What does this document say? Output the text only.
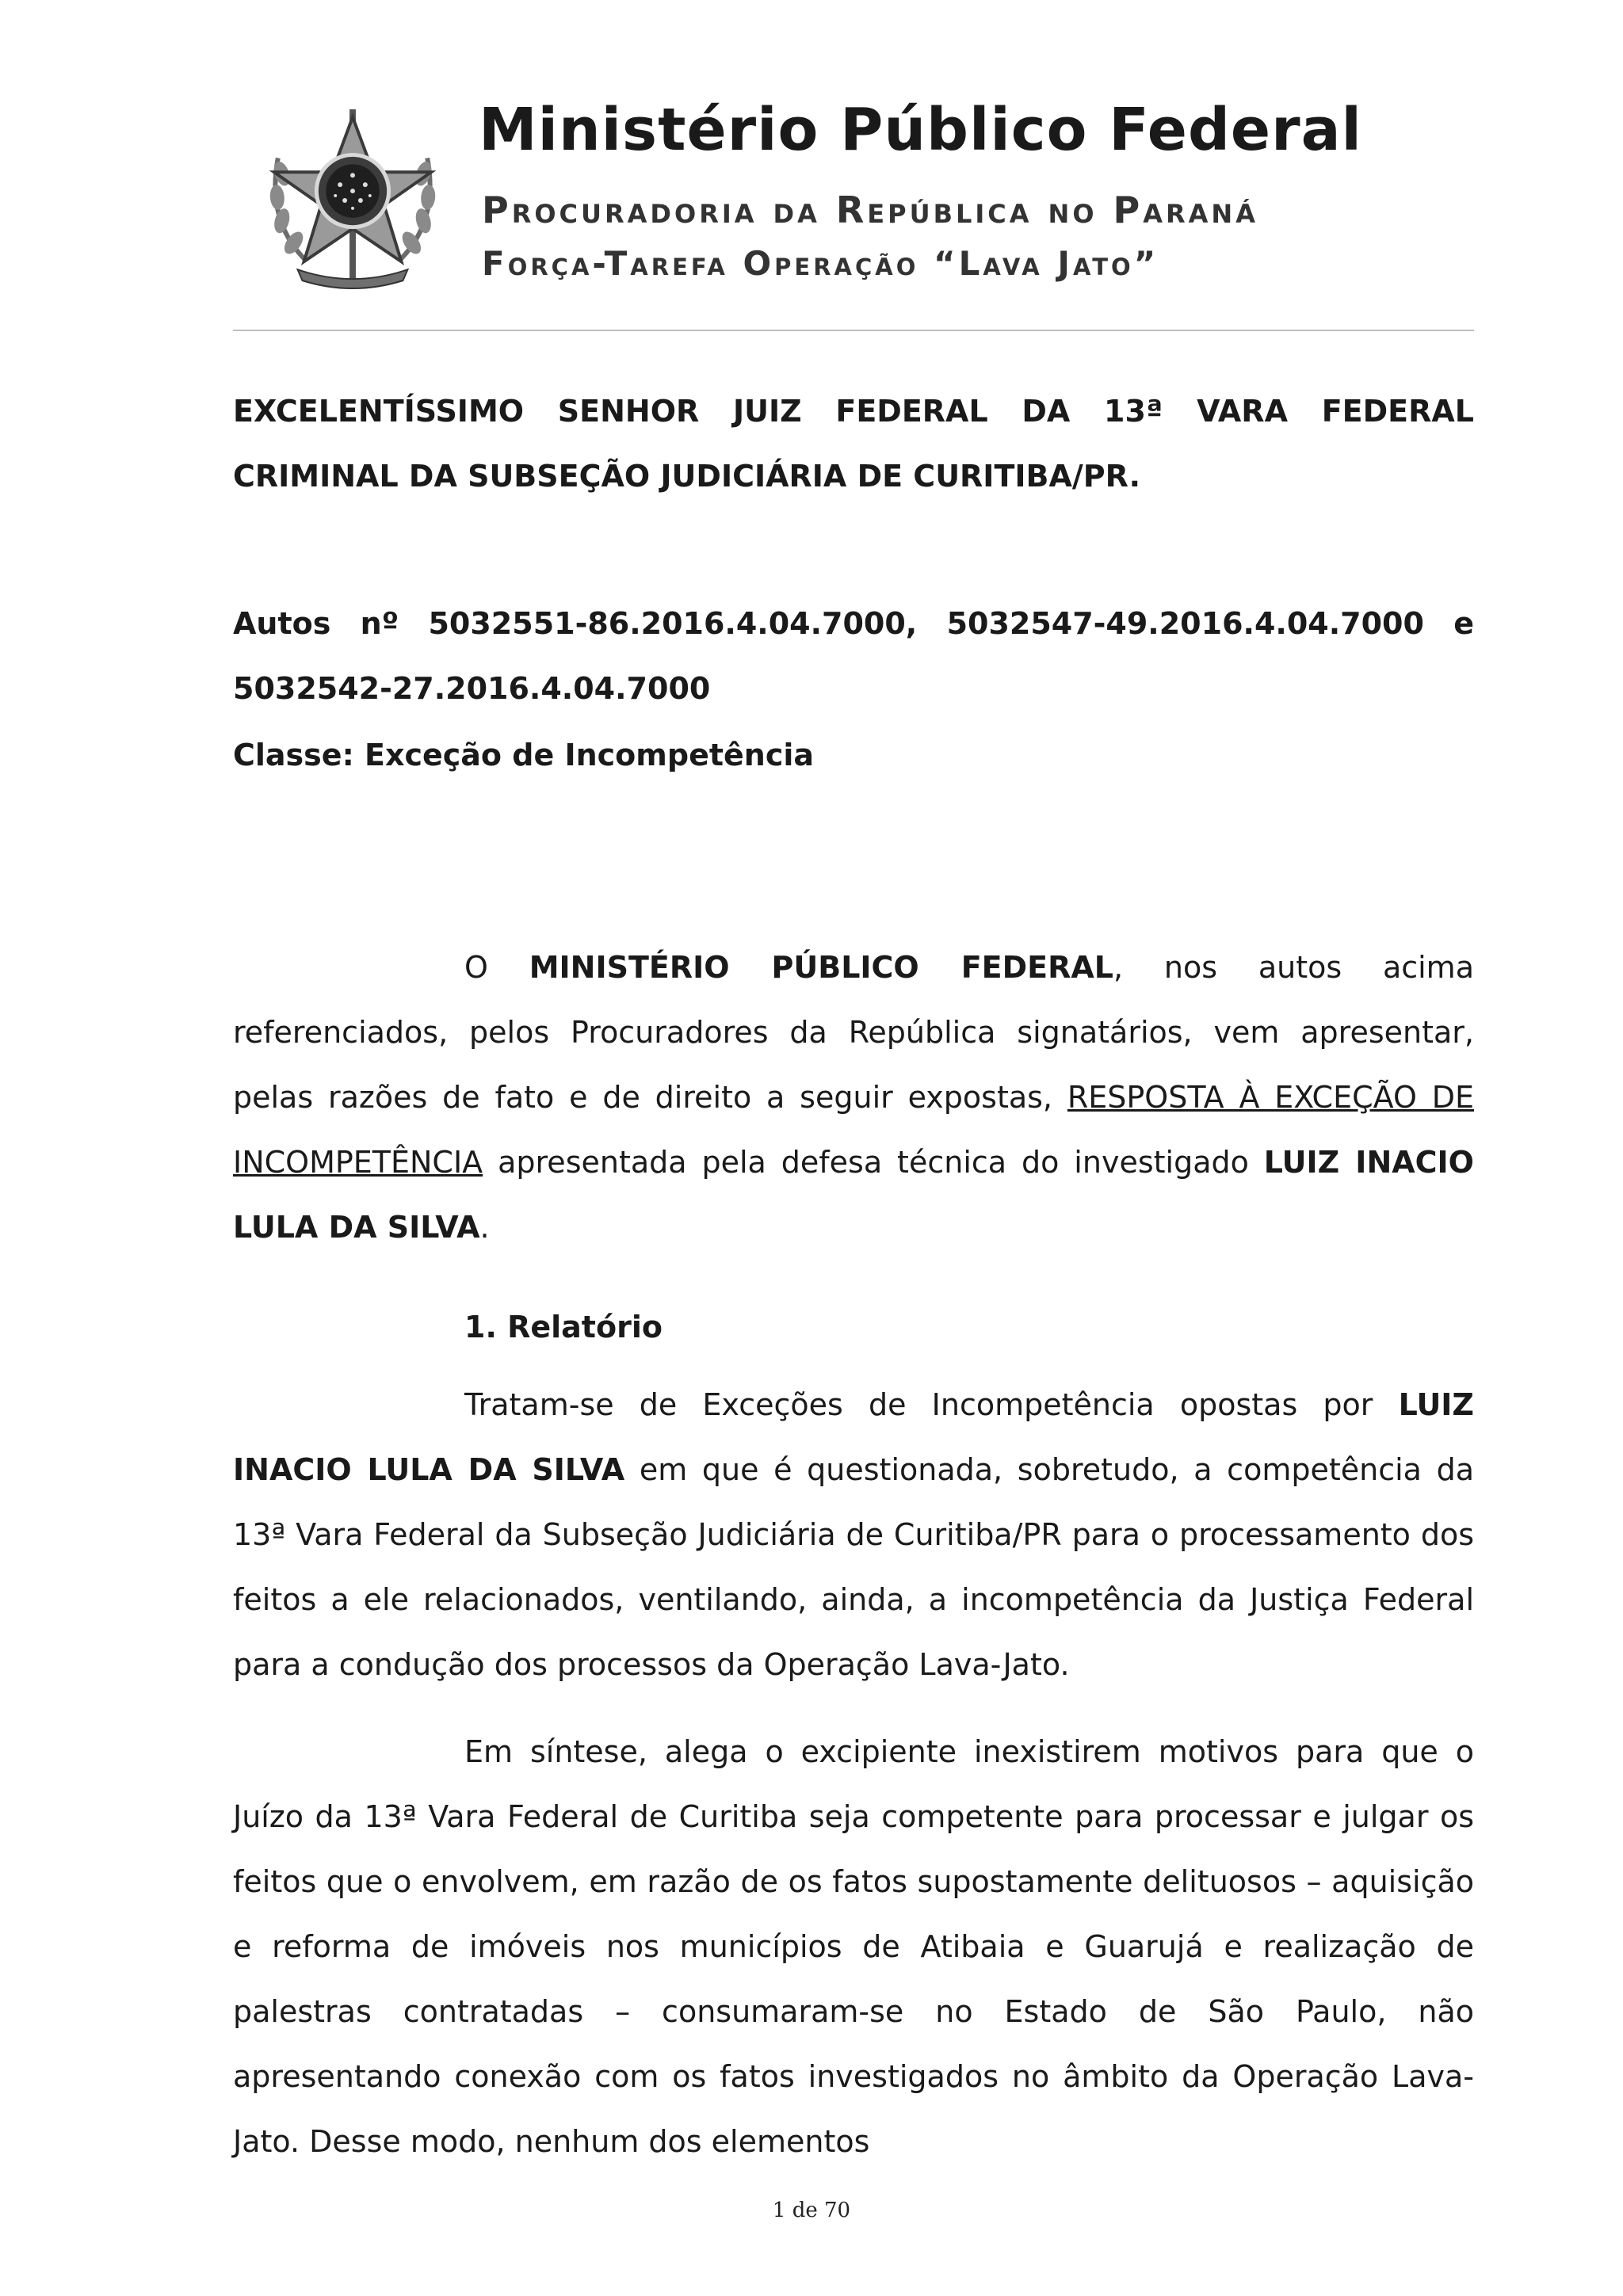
Ministério Público Federal
Procuradoria da República no Paraná
Força-Tarefa Operação “Lava Jato”

EXCELENTÍSSIMO SENHOR JUIZ FEDERAL DA 13ª VARA FEDERAL CRIMINAL DA SUBSEÇÃO JUDICIÁRIA DE CURITIBA/PR.

Autos nº 5032551-86.2016.4.04.7000, 5032547-49.2016.4.04.7000 e 5032542-27.2016.4.04.7000

Classe: Exceção de Incompetência

O MINISTÉRIO PÚBLICO FEDERAL, nos autos acima referenciados, pelos Procuradores da República signatários, vem apresentar, pelas razões de fato e de direito a seguir expostas, RESPOSTA À EXCEÇÃO DE INCOMPETÊNCIA apresentada pela defesa técnica do investigado LUIZ INACIO LULA DA SILVA.

1. Relatório

Tratam-se de Exceções de Incompetência opostas por LUIZ INACIO LULA DA SILVA em que é questionada, sobretudo, a competência da 13ª Vara Federal da Subseção Judiciária de Curitiba/PR para o processamento dos feitos a ele relacionados, ventilando, ainda, a incompetência da Justiça Federal para a condução dos processos da Operação Lava-Jato.

Em síntese, alega o excipiente inexistirem motivos para que o Juízo da 13ª Vara Federal de Curitiba seja competente para processar e julgar os feitos que o envolvem, em razão de os fatos supostamente delituosos – aquisição e reforma de imóveis nos municípios de Atibaia e Guarujá e realização de palestras contratadas – consumaram-se no Estado de São Paulo, não apresentando conexão com os fatos investigados no âmbito da Operação Lava-Jato. Desse modo, nenhum dos elementos

1 de 70
